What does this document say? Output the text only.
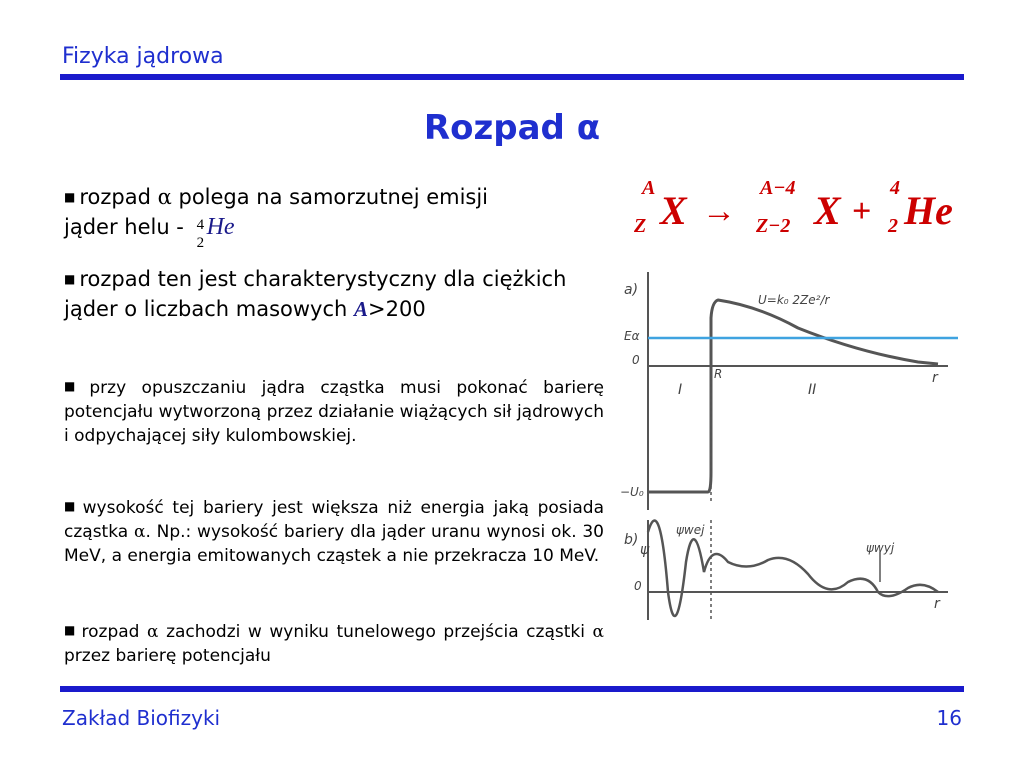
Fizyka jądrowa
Rozpad α
A
Z X →
A−4
Z−2 X +
4
2 He
■ rozpad α polega na samorzutnej emisji jąder helu - 4
2
He
■ rozpad ten jest charakterystyczny dla ciężkich jąder o liczbach masowych A>200
■ przy opuszczaniu jądra cząstka musi pokonać barierę potencjału wytworzoną przez działanie wiążących sił jądrowych i odpychającej siły kulombowskiej.
■ wysokość tej bariery jest większa niż energia jaką posiada cząstka α. Np.: wysokość bariery dla jąder uranu wynosi ok. 30 MeV, a energia emitowanych cząstek a nie przekracza 10 MeV.
■ rozpad α zachodzi w wyniku tunelowego przejścia cząstki α przez barierę potencjału
a)
U=k₀ 2Ze²/r
Eα
0
R	r
I	II
−U₀
b)
ψ
ψwej
ψwyj
0
r
Zakład Biofizyki	16
